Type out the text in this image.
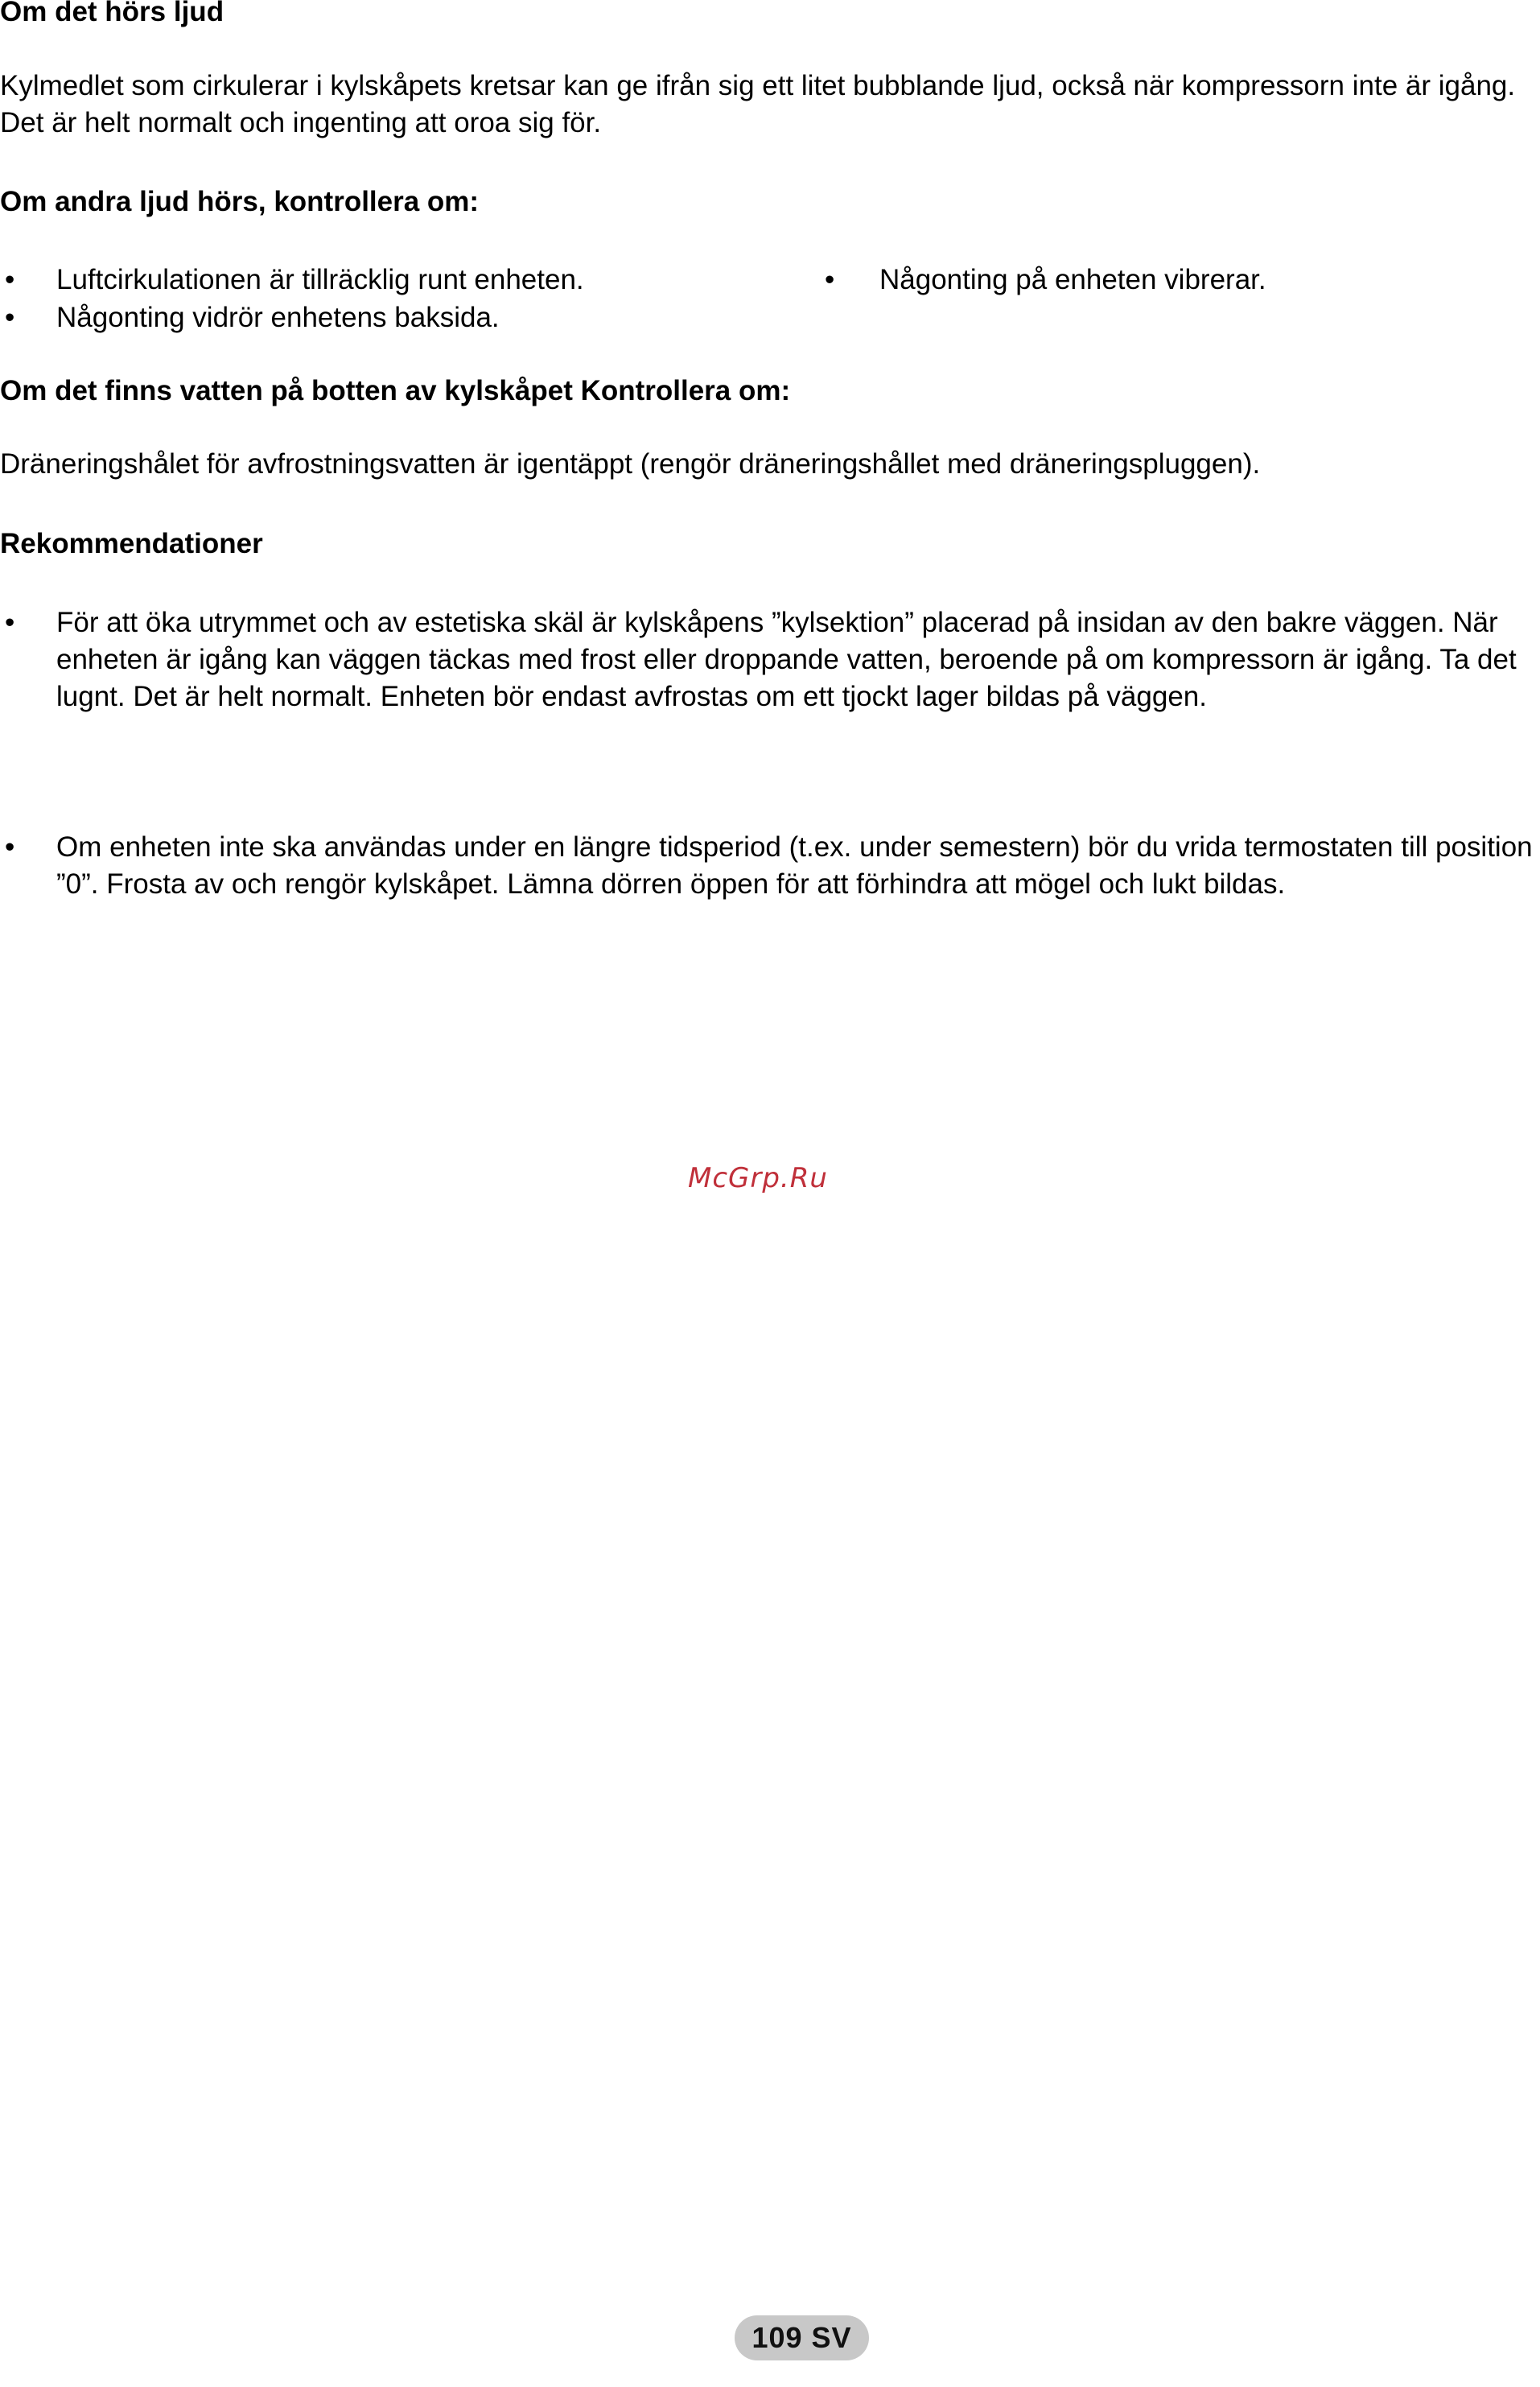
Om det hörs ljud

Kylmedlet som cirkulerar i kylskåpets kretsar kan ge ifrån sig ett litet bubblande ljud, också när kompressorn inte är igång. Det är helt normalt och ingenting att oroa sig för.

Om andra ljud hörs, kontrollera om:
• Luftcirkulationen är tillräcklig runt enheten.	• Någonting på enheten vibrerar.

• Någonting vidrör enhetens baksida.

Om det finns vatten på botten av kylskåpet Kontrollera om:

Dräneringshålet för avfrostningsvatten är igentäppt (rengör dräneringshållet med dräneringspluggen).

Rekommendationer
• För att öka utrymmet och av estetiska skäl är kylskåpens ”kylsektion” placerad på insidan av den bakre väggen. När enheten är igång kan väggen täckas med frost eller droppande vatten, beroende på om kompressorn är igång. Ta det lugnt. Det är helt normalt. Enheten bör endast avfrostas om ett tjockt lager bildas på väggen.

• Om enheten inte ska användas under en längre tidsperiod (t.ex. under semestern) bör du vrida termostaten till position ”0”. Frosta av och rengör kylskåpet. Lämna dörren öppen för att förhindra att mögel och lukt bildas.

McGrp.Ru
109 SV
